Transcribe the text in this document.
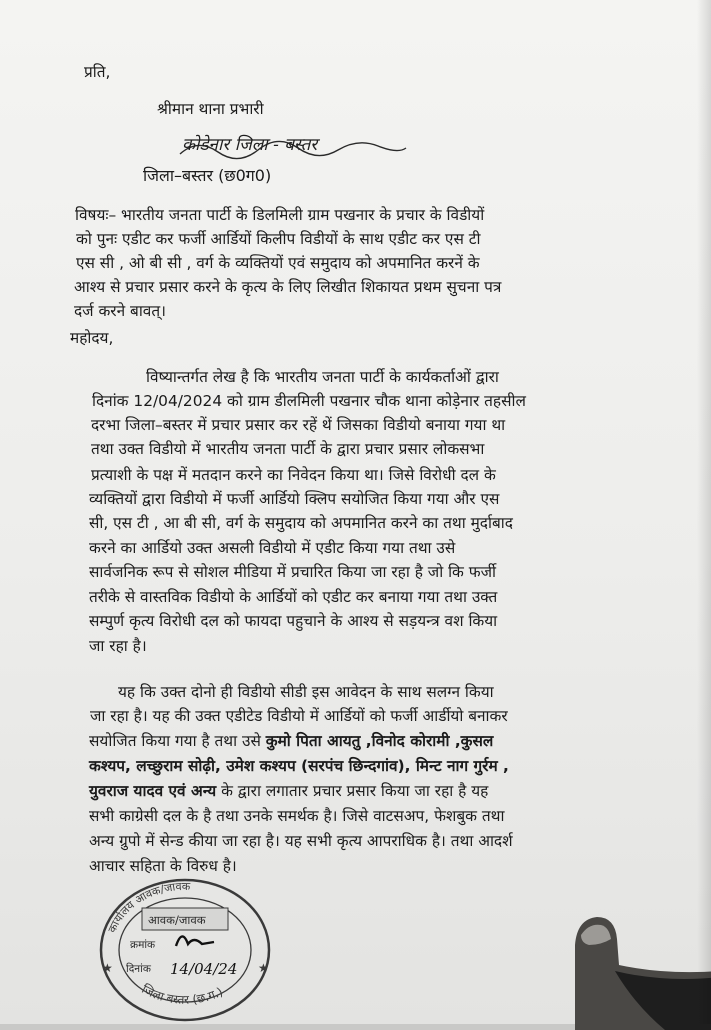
प्रति,
श्रीमान थाना प्रभारी
कोडेनार जिला - बस्तर
जिला–बस्तर (छ0ग0)
विषयः– भारतीय जनता पार्टी के डिलमिली ग्राम पखनार के प्रचार के विडीयों
को पुनः एडीट कर फर्जी आर्डियों किलीप विडीयों के साथ एडीट कर एस टी
एस सी , ओ बी सी , वर्ग के व्यक्तियों एवं समुदाय को अपमानित करनें के
आश्य से प्रचार प्रसार करने के कृत्य के लिए लिखीत शिकायत प्रथम सुचना पत्र
दर्ज करने बावत्।
महोदय,
विष्यान्तर्गत लेख है कि भारतीय जनता पार्टी के कार्यकर्ताओं द्वारा
दिनांक 12/04/2024 को ग्राम डीलमिली पखनार चौक थाना कोड़ेनार तहसील
दरभा जिला–बस्तर में प्रचार प्रसार कर रहें थें जिसका विडीयो बनाया गया था
तथा उक्त विडीयो में भारतीय जनता पार्टी के द्वारा प्रचार प्रसार लोकसभा
प्रत्याशी के पक्ष में मतदान करने का निवेदन किया था। जिसे विरोधी दल के
व्यक्तियों द्वारा विडीयो में फर्जी आर्डियो क्लिप सयोजित किया गया और एस
सी, एस टी , आ बी सी, वर्ग के समुदाय को अपमानित करने का तथा मुर्दाबाद
करने का आर्डियो उक्त असली विडीयो में एडीट किया गया तथा उसे
सार्वजनिक रूप से सोशल मीडिया में प्रचारित किया जा रहा है जो कि फर्जी
तरीके से वास्तविक विडीयो के आर्डियों को एडीट कर बनाया गया तथा उक्त
सम्पुर्ण कृत्य विरोधी दल को फायदा पहुचाने के आश्य से सड़यन्त्र वश किया
जा रहा है।
यह कि उक्त दोनो ही विडीयो सीडी इस आवेदन के साथ सलग्न किया
जा रहा है। यह की उक्त एडीटेड विडीयो में आर्डियों को फर्जी आर्डीयो बनाकर
सयोजित किया गया है तथा उसे कुमो पिता आयतु ,विनोद कोरामी ,कुसल
कश्यप, लच्छुराम सोढ़ी, उमेश कश्यप (सरपंच छिन्दगांव), मिन्ट नाग गुर्रम ,
युवराज यादव एवं अन्य के द्वारा लगातार प्रचार प्रसार किया जा रहा है यह
सभी काग्रेसी दल के है तथा उनके समर्थक है। जिसे वाटसअप, फेशबुक तथा
अन्य ग्रुपो में सेन्ड कीया जा रहा है। यह सभी कृत्य आपराधिक है। तथा आदर्श
आचार सहिता के विरुध है।
कार्यालय आवक/जावक
जिला बस्तर (छ.ग.)
आवक/जावक
क्रमांक
दिनांक 14/04/24
★	★
